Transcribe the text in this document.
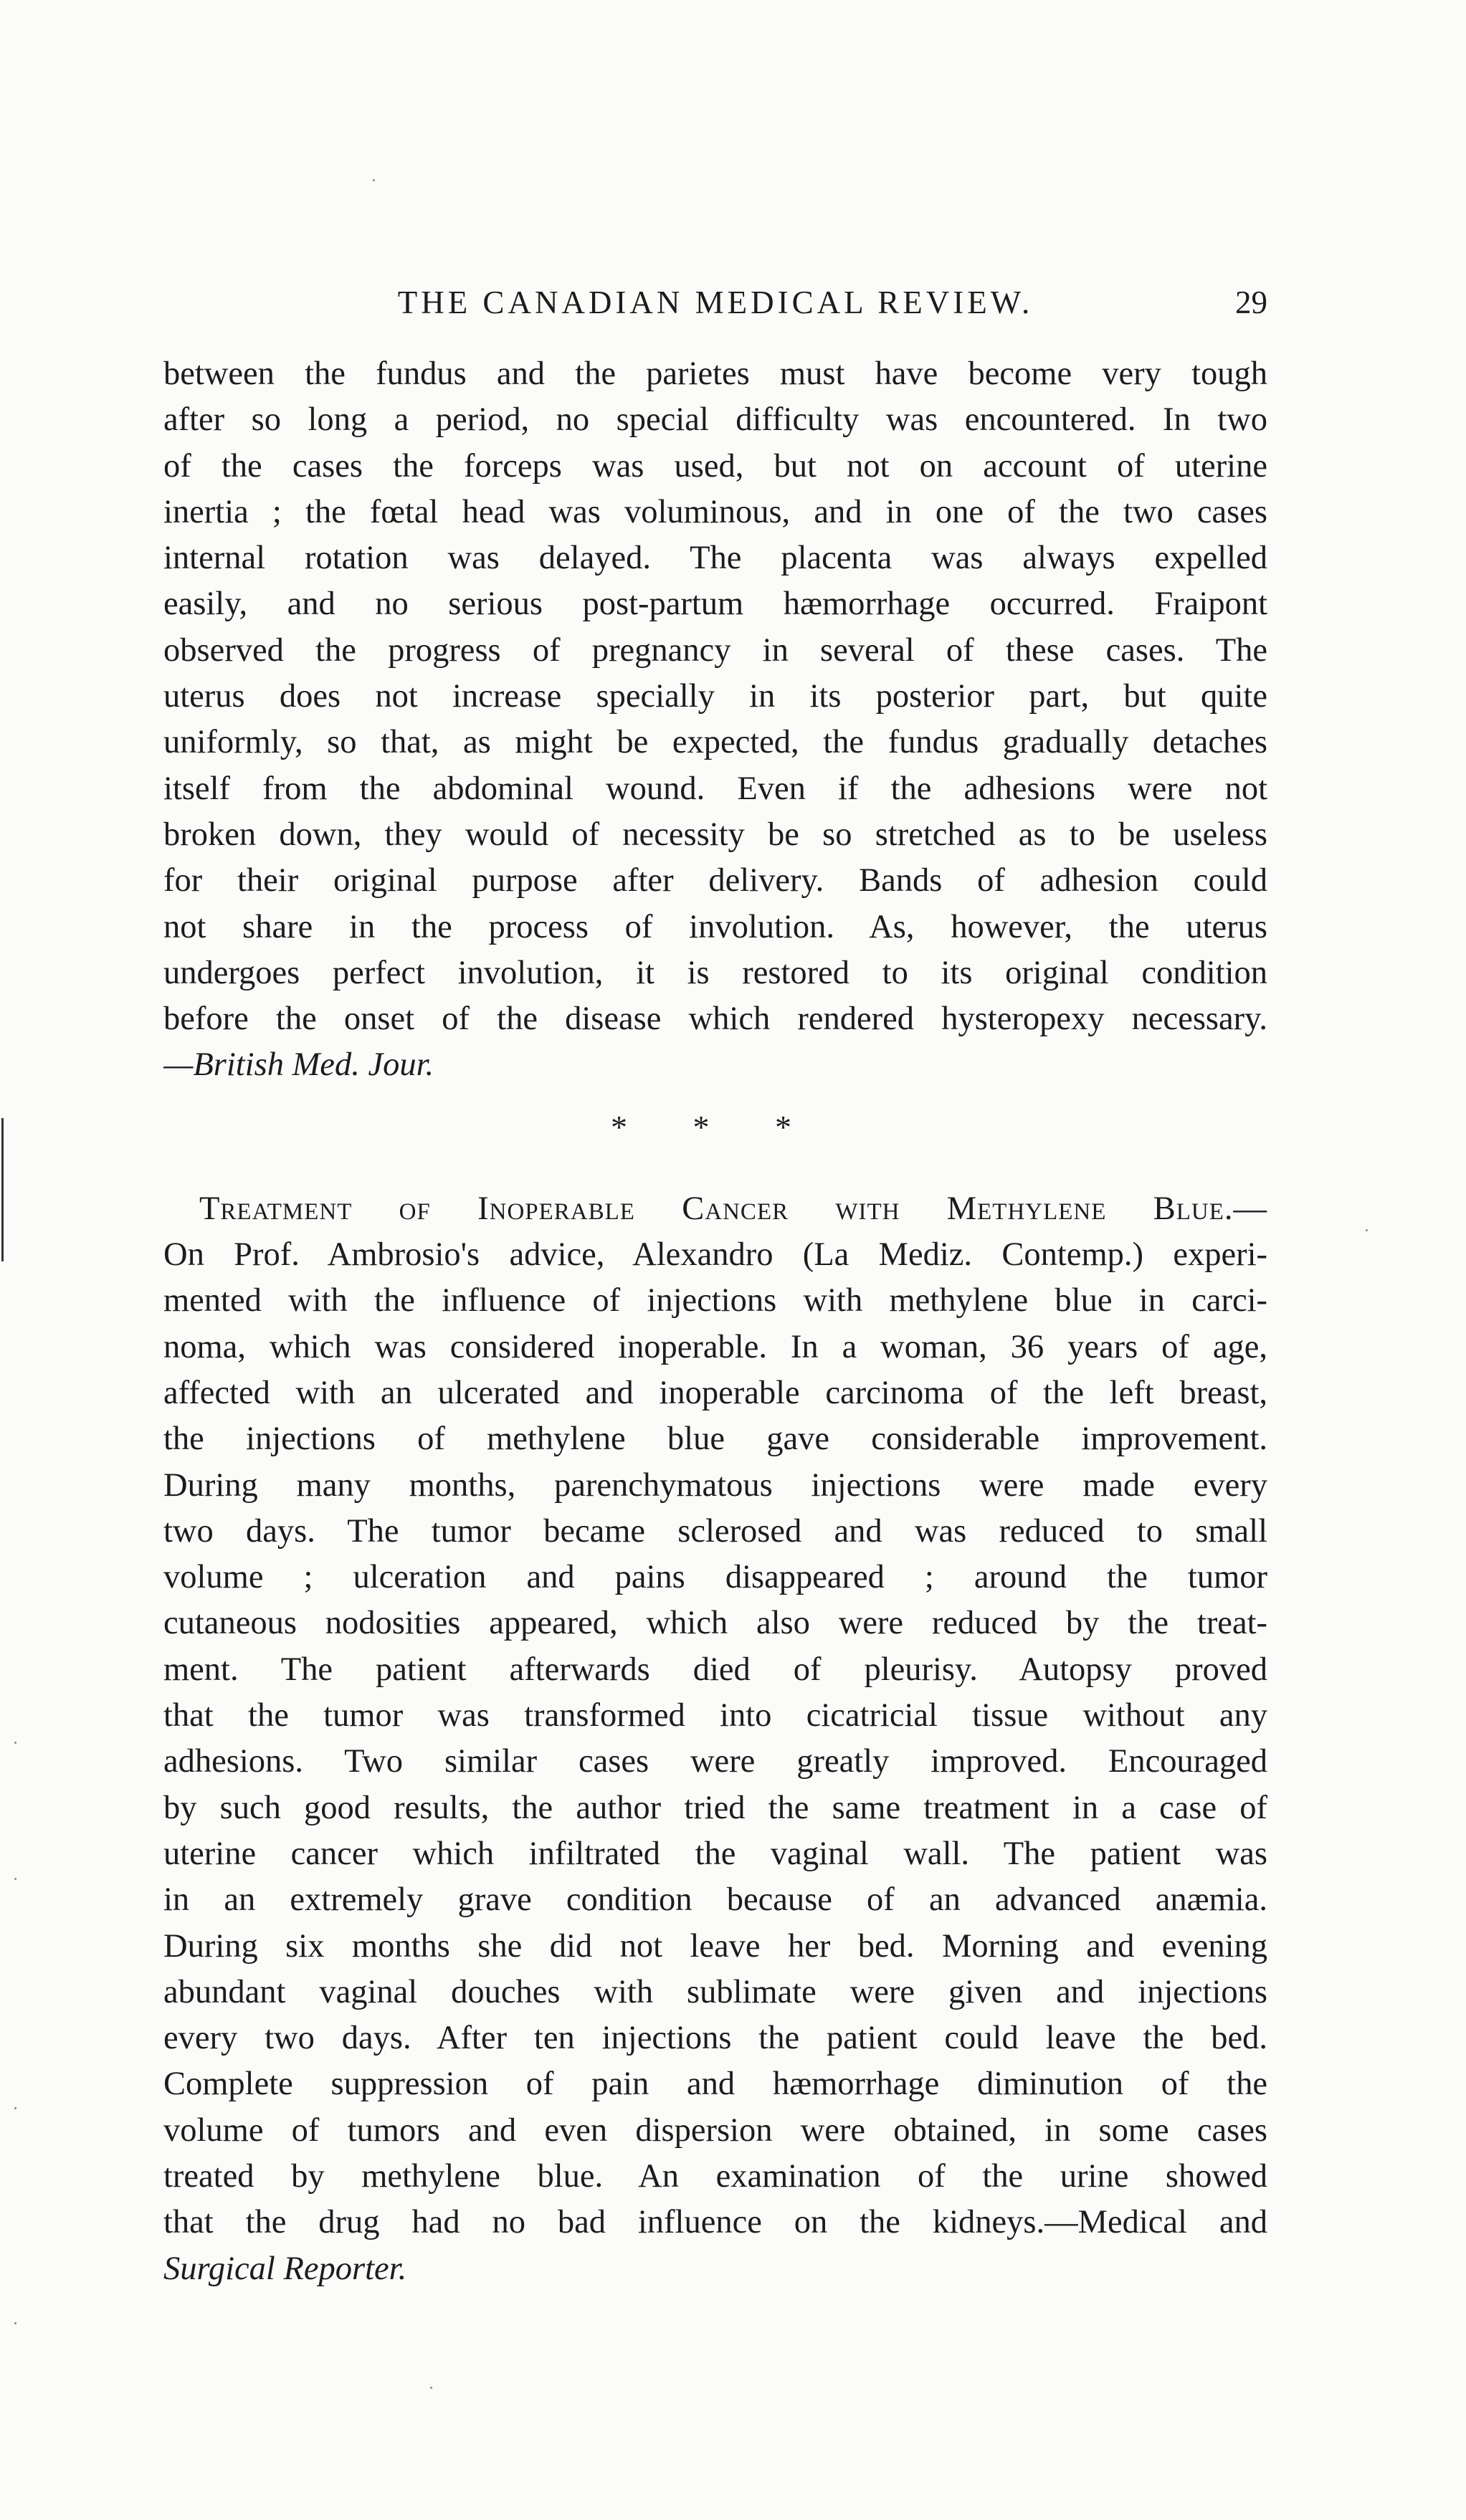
THE CANADIAN MEDICAL REVIEW.	29
between the fundus and the parietes must have become very tough
after so long a period, no special difficulty was encountered. In two
of the cases the forceps was used, but not on account of uterine
inertia ; the fœtal head was voluminous, and in one of the two cases
internal rotation was delayed. The placenta was always expelled
easily, and no serious post-partum hæmorrhage occurred. Fraipont
observed the progress of pregnancy in several of these cases. The
uterus does not increase specially in its posterior part, but quite
uniformly, so that, as might be expected, the fundus gradually detaches
itself from the abdominal wound. Even if the adhesions were not
broken down, they would of necessity be so stretched as to be useless
for their original purpose after delivery. Bands of adhesion could
not share in the process of involution. As, however, the uterus
undergoes perfect involution, it is restored to its original condition
before the onset of the disease which rendered hysteropexy necessary.
—British Med. Jour.
* * *
Treatment of Inoperable Cancer with Methylene Blue.—
On Prof. Ambrosio's advice, Alexandro (La Mediz. Contemp.) experi-
mented with the influence of injections with methylene blue in carci-
noma, which was considered inoperable. In a woman, 36 years of age,
affected with an ulcerated and inoperable carcinoma of the left breast,
the injections of methylene blue gave considerable improvement.
During many months, parenchymatous injections were made every
two days. The tumor became sclerosed and was reduced to small
volume ; ulceration and pains disappeared ; around the tumor
cutaneous nodosities appeared, which also were reduced by the treat-
ment. The patient afterwards died of pleurisy. Autopsy proved
that the tumor was transformed into cicatricial tissue without any
adhesions. Two similar cases were greatly improved. Encouraged
by such good results, the author tried the same treatment in a case of
uterine cancer which infiltrated the vaginal wall. The patient was
in an extremely grave condition because of an advanced anæmia.
During six months she did not leave her bed. Morning and evening
abundant vaginal douches with sublimate were given and injections
every two days. After ten injections the patient could leave the bed.
Complete suppression of pain and hæmorrhage diminution of the
volume of tumors and even dispersion were obtained, in some cases
treated by methylene blue. An examination of the urine showed
that the drug had no bad influence on the kidneys.—Medical and
Surgical Reporter.
